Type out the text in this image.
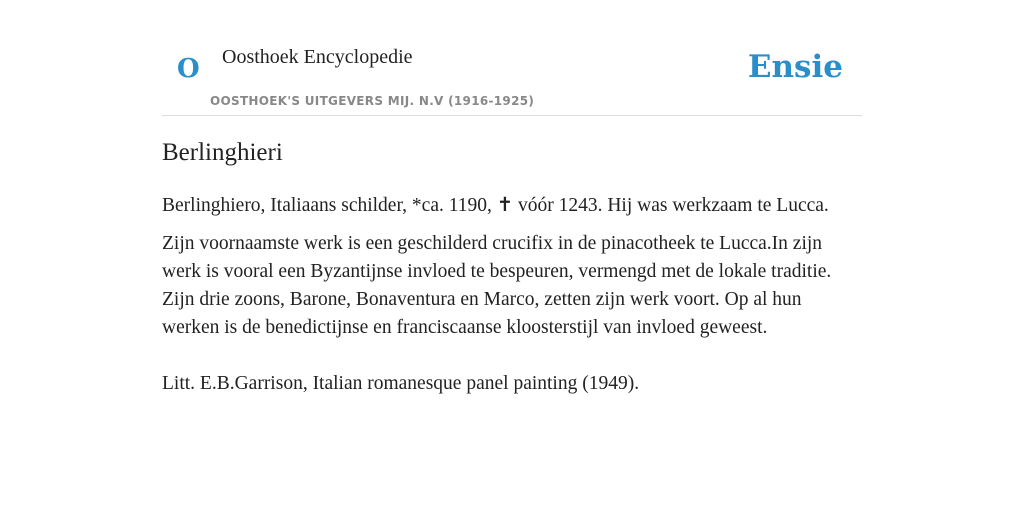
O Oosthoek Encyclopedie
OOSTHOEK'S UITGEVERS MIJ. N.V (1916-1925)
Ensie
Berlinghieri

Berlinghiero, Italiaans schilder, *ca. 1190, ✝ vóór 1243. Hij was werkzaam te Lucca.

Zijn voornaamste werk is een geschilderd crucifix in de pinacotheek te Lucca.In zijn werk is vooral een Byzantijnse invloed te bespeuren, vermengd met de lokale traditie. Zijn drie zoons, Barone, Bonaventura en Marco, zetten zijn werk voort. Op al hun werken is de benedictijnse en franciscaanse kloosterstijl van invloed geweest.

Litt. E.B.Garrison, Italian romanesque panel painting (1949).
